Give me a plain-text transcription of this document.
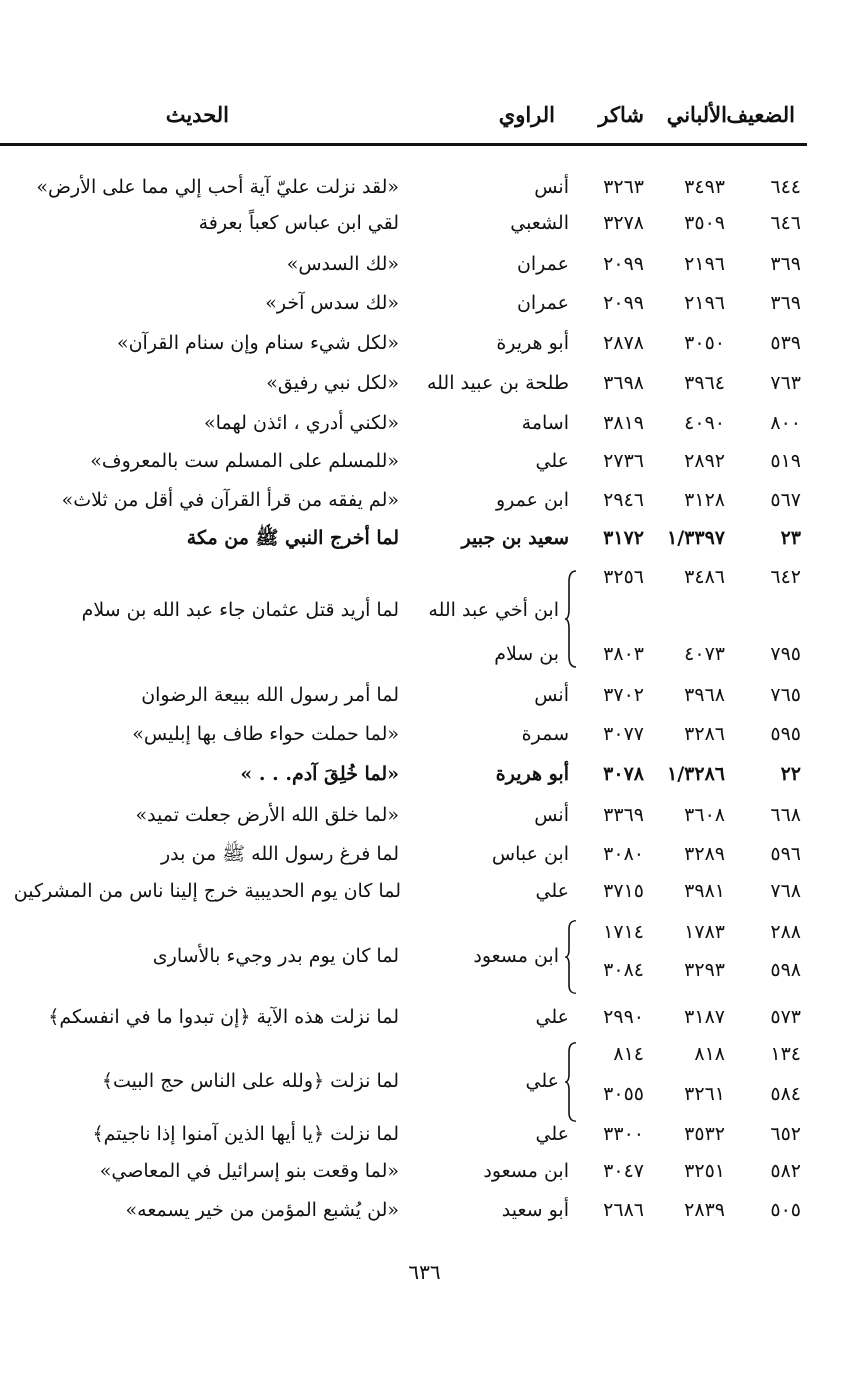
الضعيف
الألباني
شاكر
الراوي
الحديث
٦٤٤
٣٤٩٣
٣٢٦٣
أنس
«لقد نزلت عليّ آية أحب إلي مما على الأرض»
٦٤٦
٣٥٠٩
٣٢٧٨
الشعبي
لقي ابن عباس كعباً بعرفة
٣٦٩
٢١٩٦
٢٠٩٩
عمران
«لك السدس»
٣٦٩
٢١٩٦
٢٠٩٩
عمران
«لك سدس آخر»
٥٣٩
٣٠٥٠
٢٨٧٨
أبو هريرة
«لكل شيء سنام وإن سنام القرآن»
٧٦٣
٣٩٦٤
٣٦٩٨
طلحة بن عبيد الله
«لكل نبي رفيق»
٨٠٠
٤٠٩٠
٣٨١٩
اسامة
«لكني أدري ، ائذن لهما»
٥١٩
٢٨٩٢
٢٧٣٦
علي
«للمسلم على المسلم ست بالمعروف»
٥٦٧
٣١٢٨
٢٩٤٦
ابن عمرو
«لم يفقه من قرأ القرآن في أقل من ثلاث»
٢٣
١/٣٣٩٧
٣١٧٢
سعيد بن جبير
لما أخرج النبي ﷺ من مكة
٦٤٢
٣٤٨٦
٣٢٥٦
٧٩٥
٤٠٧٣
٣٨٠٣
ابن أخي عبد الله
بن سلام
لما أريد قتل عثمان جاء عبد الله بن سلام
٧٦٥
٣٩٦٨
٣٧٠٢
أنس
لما أمر رسول الله ببيعة الرضوان
٥٩٥
٣٢٨٦
٣٠٧٧
سمرة
«لما حملت حواء طاف بها إبليس»
٢٢
١/٣٢٨٦
٣٠٧٨
أبو هريرة
«لما خُلِقَ آدم. . . »
٦٦٨
٣٦٠٨
٣٣٦٩
أنس
«لما خلق الله الأرض جعلت تميد»
٥٩٦
٣٢٨٩
٣٠٨٠
ابن عباس
لما فرغ رسول الله ﷺ من بدر
٧٦٨
٣٩٨١
٣٧١٥
علي
لما كان يوم الحديبية خرج إلينا ناس من المشركين
٢٨٨
١٧٨٣
١٧١٤
٥٩٨
٣٢٩٣
٣٠٨٤
ابن مسعود
لما كان يوم بدر وجيء بالأسارى
٥٧٣
٣١٨٧
٢٩٩٠
علي
لما نزلت هذه الآية ﴿إن تبدوا ما في انفسكم﴾
١٣٤
٨١٨
٨١٤
٥٨٤
٣٢٦١
٣٠٥٥
علي
لما نزلت ﴿ولله على الناس حج البيت﴾
٦٥٢
٣٥٣٢
٣٣٠٠
علي
لما نزلت ﴿يا أيها الذين آمنوا إذا ناجيتم﴾
٥٨٢
٣٢٥١
٣٠٤٧
ابن مسعود
«لما وقعت بنو إسرائيل في المعاصي»
٥٠٥
٢٨٣٩
٢٦٨٦
أبو سعيد
«لن يُشبع المؤمن من خير يسمعه»
٦٣٦
